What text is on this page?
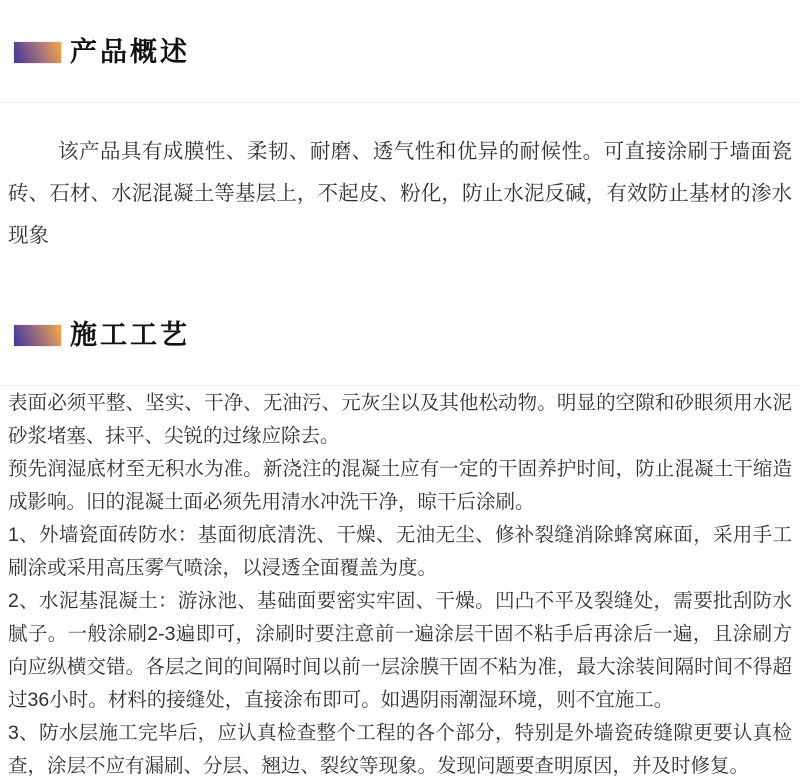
产品概述

该产品具有成膜性、柔韧、耐磨、透气性和优异的耐候性。可直接涂刷于墙面瓷砖、石材、水泥混凝土等基层上，不起皮、粉化，防止水泥反碱，有效防止基材的渗水现象

施工工艺

表面必须平整、坚实、干净、无油污、元灰尘以及其他松动物。明显的空隙和砂眼须用水泥砂浆堵塞、抹平、尖锐的过缘应除去。

预先润湿底材至无积水为准。新浇注的混凝土应有一定的干固养护时间，防止混凝土干缩造成影响。旧的混凝土面必须先用清水冲洗干净，晾干后涂刷。

1、外墙瓷面砖防水：基面彻底清洗、干燥、无油无尘、修补裂缝消除蜂窝麻面，采用手工刷涂或采用高压雾气喷涂，以浸透全面覆盖为度。

2、水泥基混凝土：游泳池、基础面要密实牢固、干燥。凹凸不平及裂缝处，需要批刮防水腻子。一般涂刷2-3遍即可，涂刷时要注意前一遍涂层干固不粘手后再涂后一遍，且涂刷方向应纵横交错。各层之间的间隔时间以前一层涂膜干固不粘为准，最大涂装间隔时间不得超过36小时。材料的接缝处，直接涂布即可。如遇阴雨潮湿环境，则不宜施工。

3、防水层施工完毕后，应认真检查整个工程的各个部分，特别是外墙瓷砖缝隙更要认真检查，涂层不应有漏刷、分层、翘边、裂纹等现象。发现问题要查明原因，并及时修复。
